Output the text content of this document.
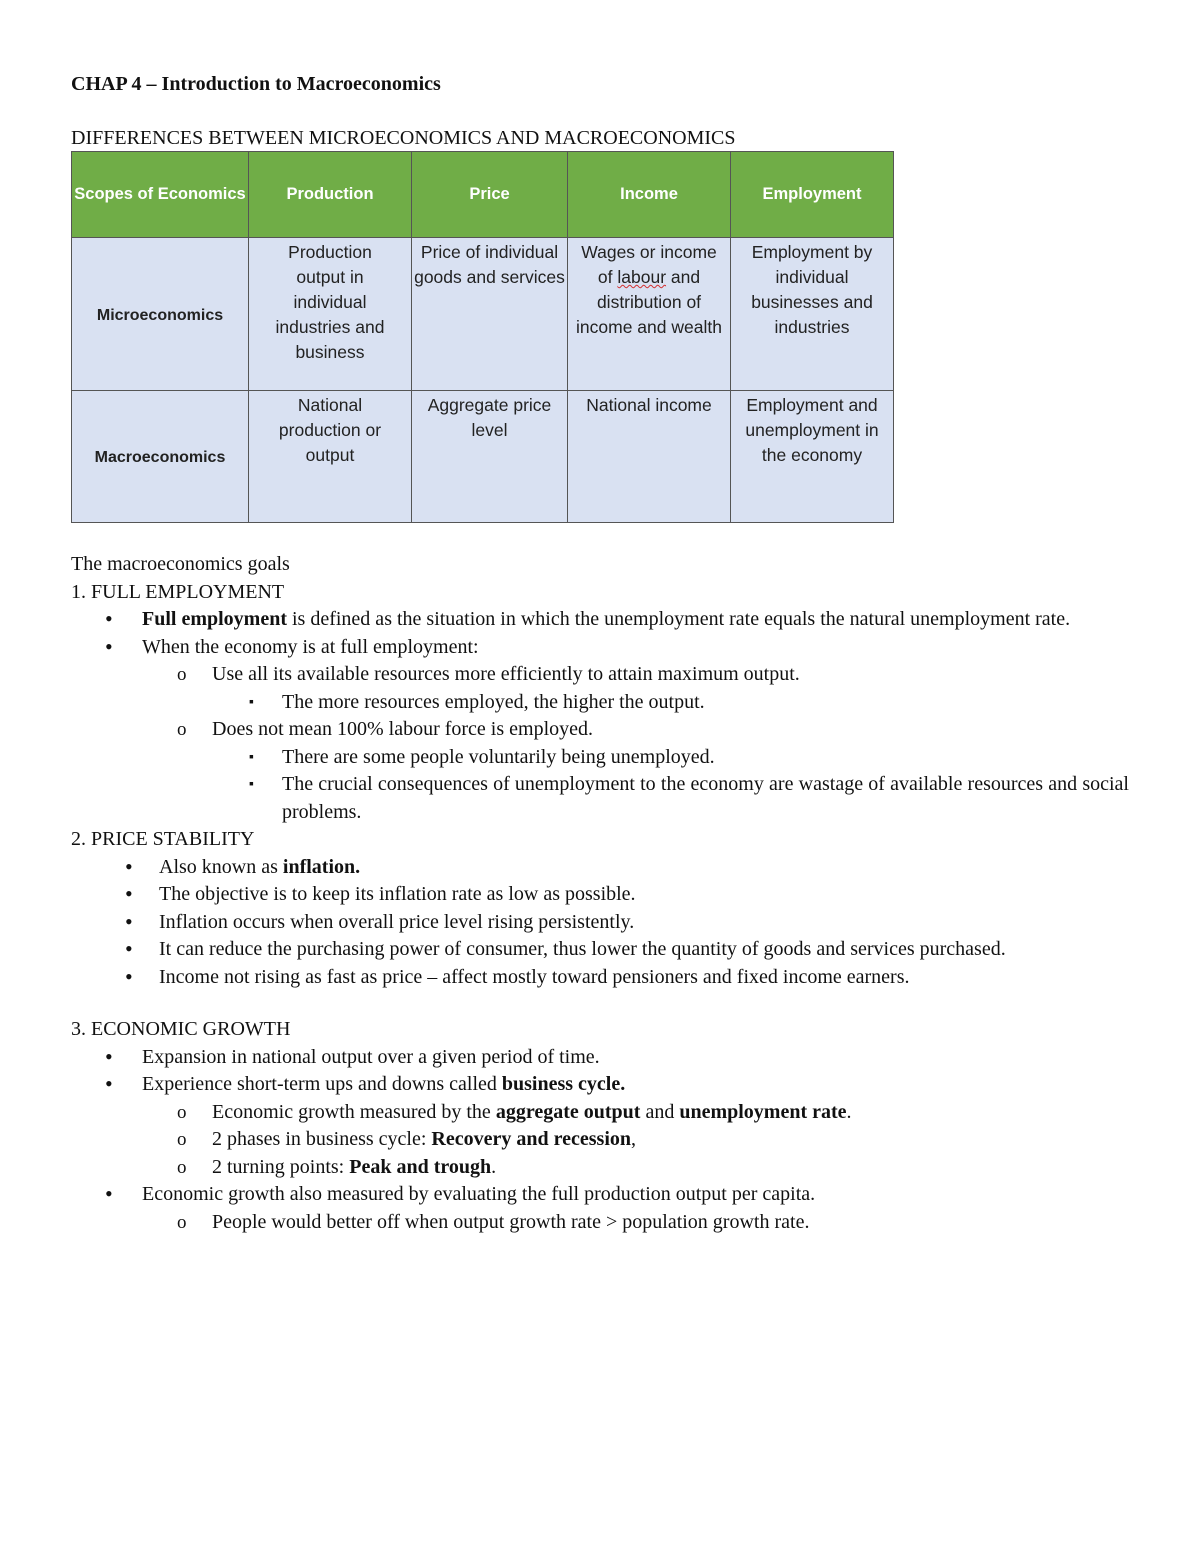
CHAP 4 – Introduction to Macroeconomics
DIFFERENCES BETWEEN MICROECONOMICS AND MACROECONOMICS
Scopes of Economics	Production	Price	Income	Employment
Microeconomics	Production output in individual industries and business	Price of individual goods and services	Wages or income of labour and distribution of income and wealth	Employment by individual businesses and industries
Macroeconomics	National production or output	Aggregate price level	National income	Employment and unemployment in the economy
The macroeconomics goals
1. FULL EMPLOYMENT
• Full employment is defined as the situation in which the unemployment rate equals the natural unemployment rate.
• When the economy is at full employment:
o Use all its available resources more efficiently to attain maximum output.
▪ The more resources employed, the higher the output.
o Does not mean 100% labour force is employed.
▪ There are some people voluntarily being unemployed.
▪ The crucial consequences of unemployment to the economy are wastage of available resources and social problems.
2. PRICE STABILITY
• Also known as inflation.
• The objective is to keep its inflation rate as low as possible.
• Inflation occurs when overall price level rising persistently.
• It can reduce the purchasing power of consumer, thus lower the quantity of goods and services purchased.
• Income not rising as fast as price – affect mostly toward pensioners and fixed income earners.
3. ECONOMIC GROWTH
• Expansion in national output over a given period of time.
• Experience short-term ups and downs called business cycle.
o Economic growth measured by the aggregate output and unemployment rate.
o 2 phases in business cycle: Recovery and recession,
o 2 turning points: Peak and trough.
• Economic growth also measured by evaluating the full production output per capita.
o People would better off when output growth rate > population growth rate.
